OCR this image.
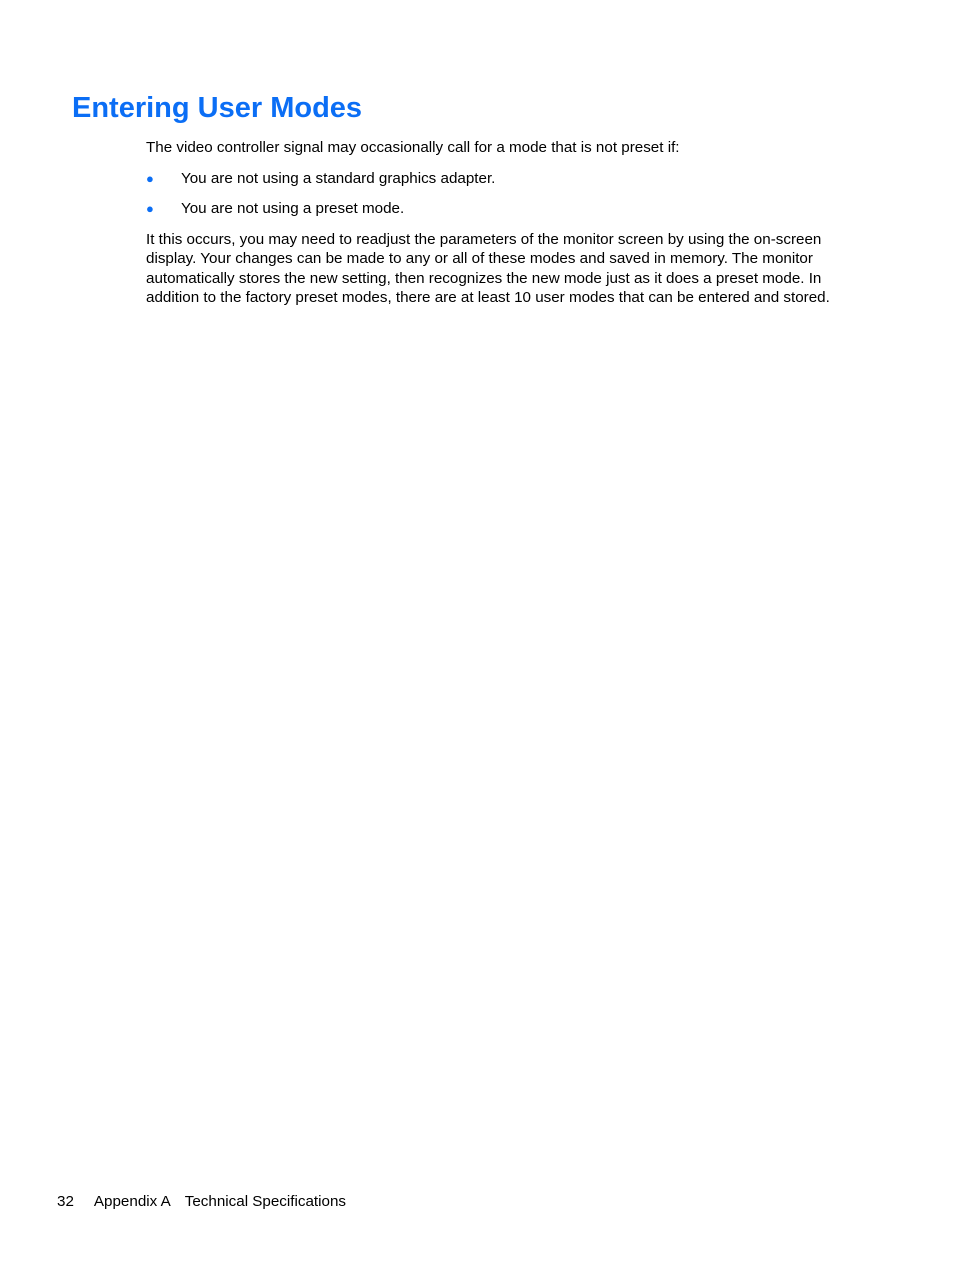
Entering User Modes

The video controller signal may occasionally call for a mode that is not preset if:

● You are not using a standard graphics adapter.
● You are not using a preset mode.

It this occurs, you may need to readjust the parameters of the monitor screen by using the on-screen display. Your changes can be made to any or all of these modes and saved in memory. The monitor automatically stores the new setting, then recognizes the new mode just as it does a preset mode. In addition to the factory preset modes, there are at least 10 user modes that can be entered and stored.

32 Appendix A Technical Specifications
